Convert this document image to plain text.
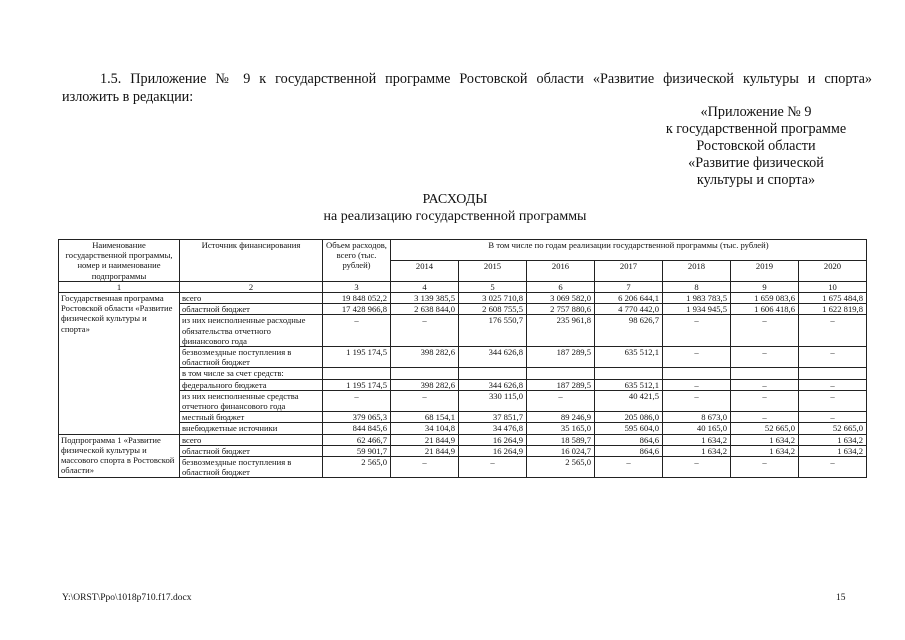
1.5. Приложение № 9 к государственной программе Ростовской области «Развитие физической культуры и спорта»
изложить в редакции:
«Приложение № 9
к государственной программе
Ростовской области
«Развитие физической
культуры и спорта»
РАСХОДЫ
на реализацию государственной программы
Наименование государственной программы, номер и наименование подпрограммы	Источник финансирования	Объем расходов, всего (тыс. рублей)	В том числе по годам реализации государственной программы (тыс. рублей)						
			2014	2015	2016	2017	2018	2019	2020
1	2	3	4	5	6	7	8	9	10
Государственная программа Ростовской области «Развитие физической культуры и спорта»	всего	19 848 052,2	3 139 385,5	3 025 710,8	3 069 582,0	6 206 644,1	1 983 783,5	1 659 083,6	1 675 484,8
	областной бюджет	17 428 966,8	2 638 844,0	2 608 755,5	2 757 880,6	4 770 442,0	1 934 945,5	1 606 418,6	1 622 819,8
	из них неисполненные расходные обязательства отчетного финансового года	–	–	176 550,7	235 961,8	98 626,7	–	–	–
	безвозмездные поступления в областной бюджет	1 195 174,5	398 282,6	344 626,8	187 289,5	635 512,1	–	–	–
	в том числе за счет средств:								
	федерального бюджета	1 195 174,5	398 282,6	344 626,8	187 289,5	635 512,1	–	–	–
	из них неисполненные средства отчетного финансового года	–	–	330 115,0	–	40 421,5	–	–	–
	местный бюджет	379 065,3	68 154,1	37 851,7	89 246,9	205 086,0	8 673,0	–	–
	внебюджетные источники	844 845,6	34 104,8	34 476,8	35 165,0	595 604,0	40 165,0	52 665,0	52 665,0
Подпрограмма 1 «Развитие физической культуры и массового спорта в Ростовской области»	всего	62 466,7	21 844,9	16 264,9	18 589,7	864,6	1 634,2	1 634,2	1 634,2
	областной бюджет	59 901,7	21 844,9	16 264,9	16 024,7	864,6	1 634,2	1 634,2	1 634,2
	безвозмездные поступления в областной бюджет	2 565,0	–	–	2 565,0	–	–	–	–
Y:\ORST\Ppo\1018p710.f17.docx	15
